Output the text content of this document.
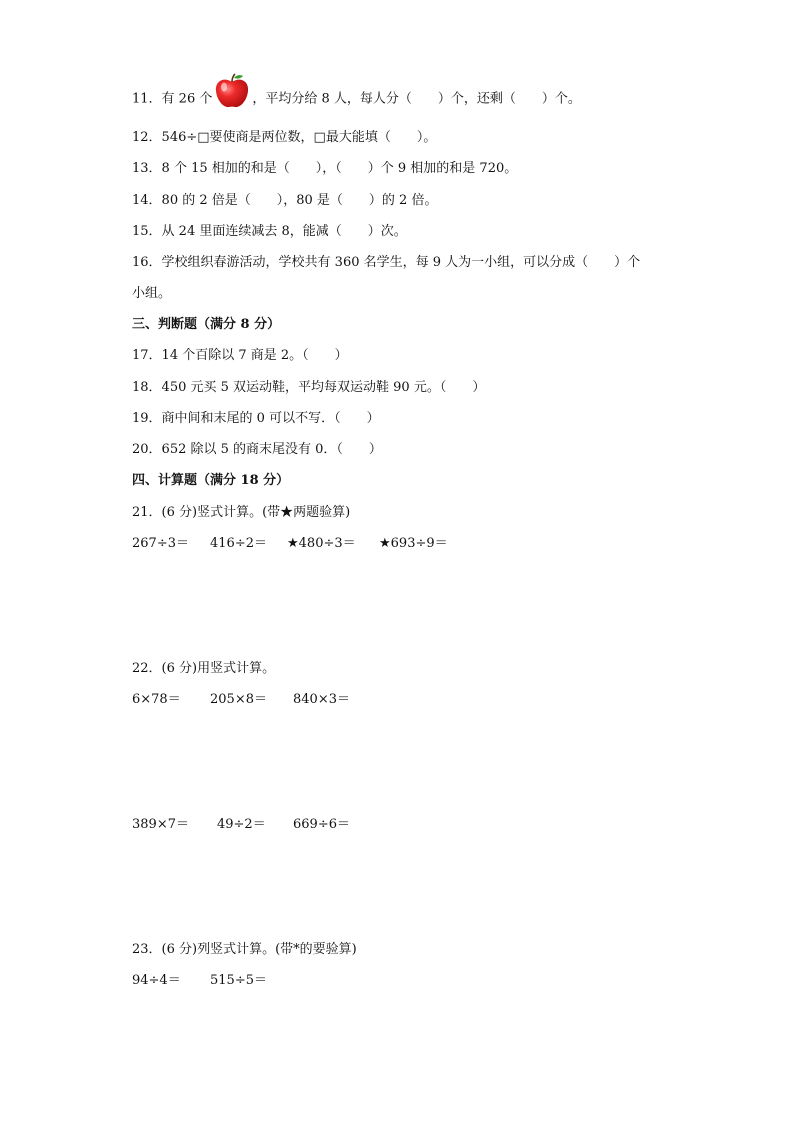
11．有 26 个	，平均分给 8 人，每人分（　　）个，还剩（　　）个。
12．546÷□要使商是两位数，□最大能填（　　）。
13．8 个 15 相加的和是（　　），（　　）个 9 相加的和是 720。
14．80 的 2 倍是（　　），80 是（　　）的 2 倍。
15．从 24 里面连续减去 8，能减（　　）次。
16．学校组织春游活动，学校共有 360 名学生，每 9 人为一小组，可以分成（　　）个
小组。
三、判断题（满分 8 分）
17．14 个百除以 7 商是 2。（　　）
18．450 元买 5 双运动鞋，平均每双运动鞋 90 元。（　　）
19．商中间和末尾的 0 可以不写．（　　）
20．652 除以 5 的商末尾没有 0．（　　）
四、计算题（满分 18 分）
21．(6 分)竖式计算。(带★两题验算)
267÷3＝ 416÷2＝ ★480÷3＝ ★693÷9＝
22．(6 分)用竖式计算。
6×78＝ 205×8＝ 840×3＝
389×7＝ 49÷2＝ 669÷6＝
23．(6 分)列竖式计算。(带*的要验算)
94÷4＝ 515÷5＝
